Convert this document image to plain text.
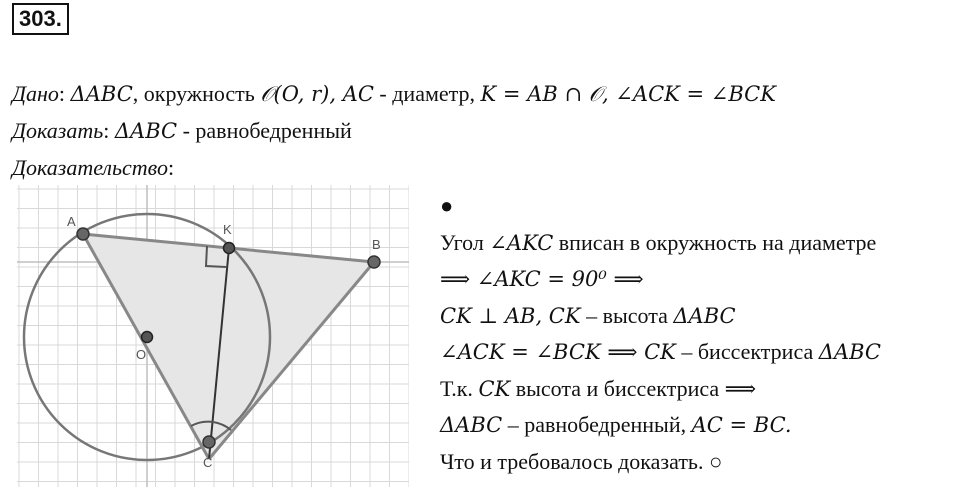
303.
Дано: ΔABC, окружность 𝒪(O, r), AC - диаметр, K = AB ∩ 𝒪, ∠ACK = ∠BCK
Доказать: ΔABC - равнобедренный
Доказательство:
A
K
B
O
C
●
Угол ∠AKC вписан в окружность на диаметре
⟹ ∠AKC = 90⁰ ⟹
CK ⊥ AB, CK – высота ΔABC
∠ACK = ∠BCK ⟹ CK – биссектриса ΔABC
Т.к. CK высота и биссектриса ⟹
ΔABC – равнобедренный, AC = BC.
Что и требовалось доказать. ○
